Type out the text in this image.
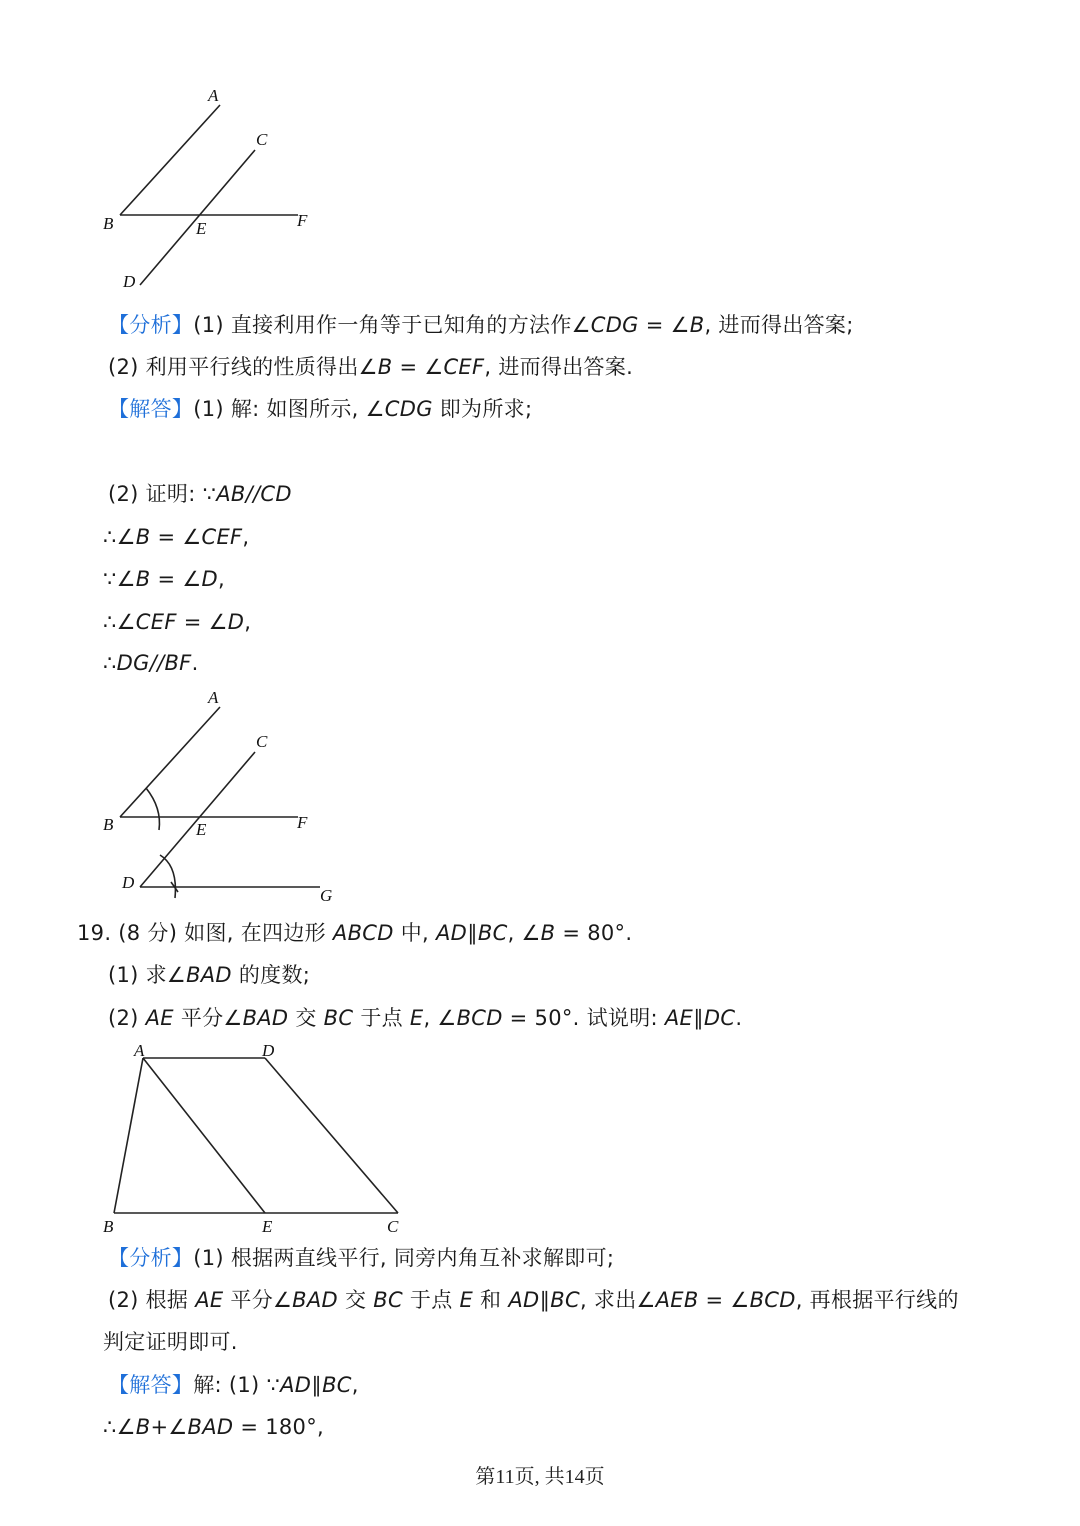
A
C
B	E	F
D
【分析】(1) 直接利用作一角等于已知角的方法作∠CDG = ∠B, 进而得出答案;
(2) 利用平行线的性质得出∠B = ∠CEF, 进而得出答案.
【解答】(1) 解: 如图所示, ∠CDG 即为所求;
(2) 证明: ∵AB//CD
∴∠B = ∠CEF,
∵∠B = ∠D,
∴∠CEF = ∠D,
∴DG//BF.
A
C
B	E	F
D
G
19. (8 分) 如图, 在四边形 ABCD 中, AD∥BC, ∠B = 80°.
(1) 求∠BAD 的度数;
(2) AE 平分∠BAD 交 BC 于点 E, ∠BCD = 50°. 试说明: AE∥DC.
A	D
B	E	C
【分析】(1) 根据两直线平行, 同旁内角互补求解即可;
(2) 根据 AE 平分∠BAD 交 BC 于点 E 和 AD∥BC, 求出∠AEB = ∠BCD, 再根据平行线的
判定证明即可.
【解答】解: (1) ∵AD∥BC,
∴∠B+∠BAD = 180°,
第11页, 共14页
